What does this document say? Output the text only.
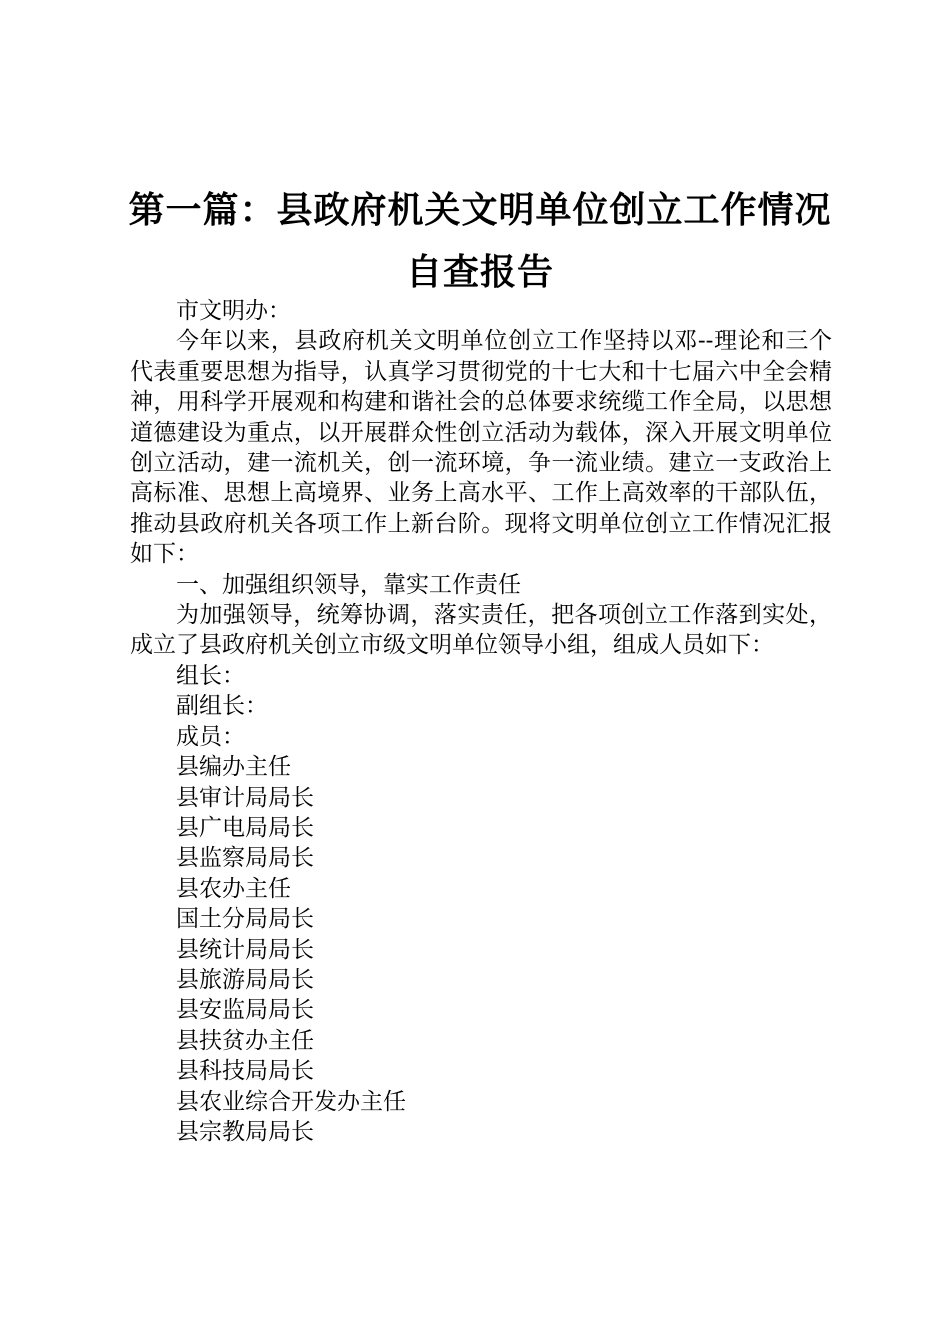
第一篇：县政府机关文明单位创立工作情况自查报告

市文明办：

今年以来，县政府机关文明单位创立工作坚持以邓--理论和三个代表重要思想为指导，认真学习贯彻党的十七大和十七届六中全会精神，用科学开展观和构建和谐社会的总体要求统缆工作全局，以思想道德建设为重点，以开展群众性创立活动为载体，深入开展文明单位创立活动，建一流机关，创一流环境，争一流业绩。建立一支政治上高标准、思想上高境界、业务上高水平、工作上高效率的干部队伍，推动县政府机关各项工作上新台阶。现将文明单位创立工作情况汇报如下：

一、加强组织领导，靠实工作责任

为加强领导，统筹协调，落实责任，把各项创立工作落到实处，成立了县政府机关创立市级文明单位领导小组，组成人员如下：

组长：

副组长：

成员：

县编办主任

县审计局局长

县广电局局长

县监察局局长

县农办主任

国土分局局长

县统计局局长

县旅游局局长

县安监局局长

县扶贫办主任

县科技局局长

县农业综合开发办主任

县宗教局局长
